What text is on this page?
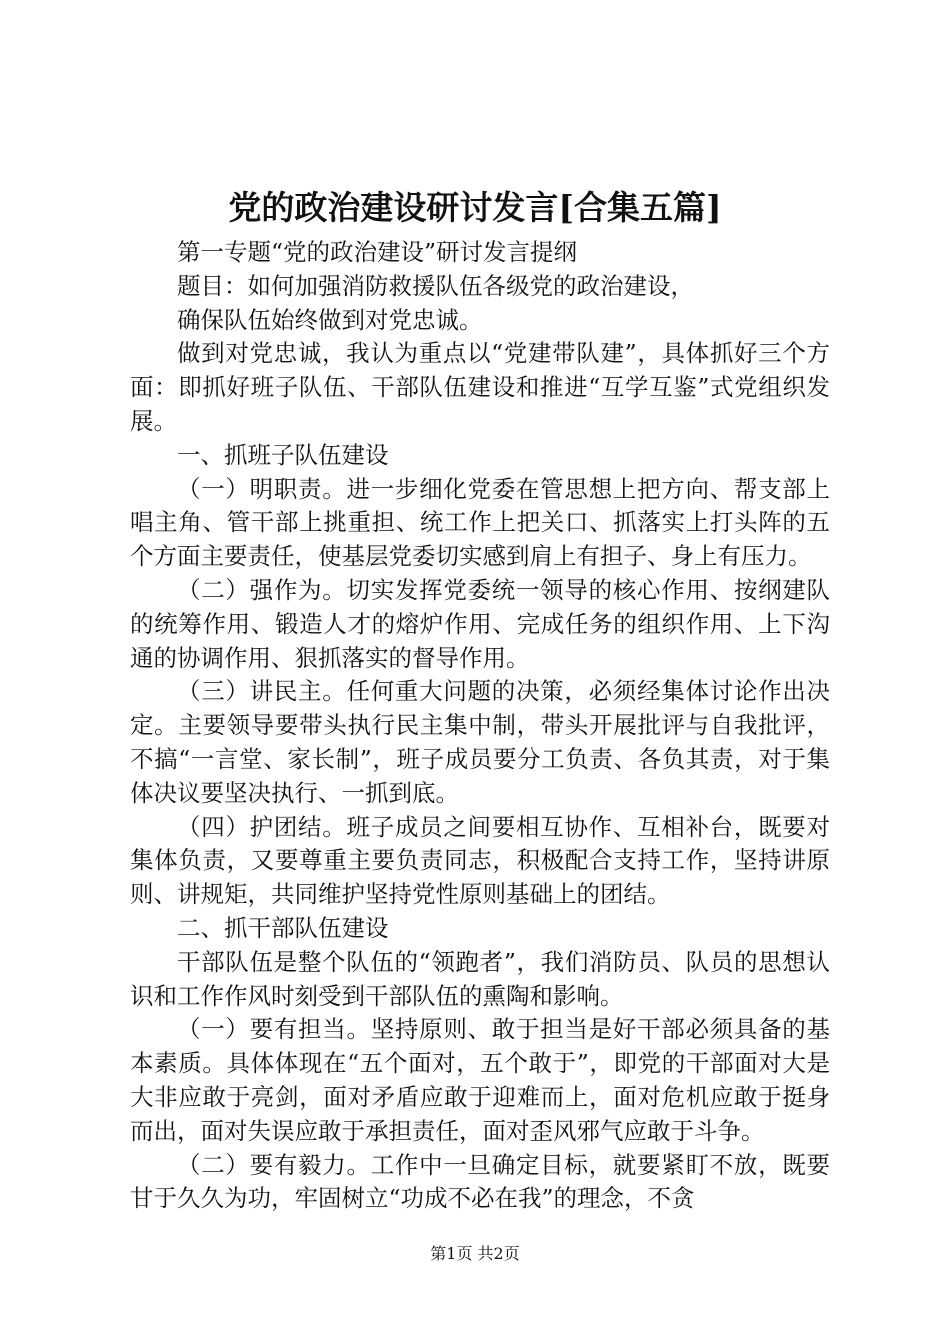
党的政治建设研讨发言[合集五篇]

第一专题“党的政治建设”研讨发言提纲

题目：如何加强消防救援队伍各级党的政治建设，

确保队伍始终做到对党忠诚。

做到对党忠诚，我认为重点以“党建带队建”，具体抓好三个方面：即抓好班子队伍、干部队伍建设和推进“互学互鉴”式党组织发展。

一、抓班子队伍建设

（一）明职责。进一步细化党委在管思想上把方向、帮支部上唱主角、管干部上挑重担、统工作上把关口、抓落实上打头阵的五个方面主要责任，使基层党委切实感到肩上有担子、身上有压力。

（二）强作为。切实发挥党委统一领导的核心作用、按纲建队的统筹作用、锻造人才的熔炉作用、完成任务的组织作用、上下沟通的协调作用、狠抓落实的督导作用。

（三）讲民主。任何重大问题的决策，必须经集体讨论作出决定。主要领导要带头执行民主集中制，带头开展批评与自我批评，不搞“一言堂、家长制”，班子成员要分工负责、各负其责，对于集体决议要坚决执行、一抓到底。

（四）护团结。班子成员之间要相互协作、互相补台，既要对集体负责，又要尊重主要负责同志，积极配合支持工作，坚持讲原则、讲规矩，共同维护坚持党性原则基础上的团结。

二、抓干部队伍建设

干部队伍是整个队伍的“领跑者”，我们消防员、队员的思想认识和工作作风时刻受到干部队伍的熏陶和影响。

（一）要有担当。坚持原则、敢于担当是好干部必须具备的基本素质。具体体现在“五个面对，五个敢于”，即党的干部面对大是大非应敢于亮剑，面对矛盾应敢于迎难而上，面对危机应敢于挺身而出，面对失误应敢于承担责任，面对歪风邪气应敢于斗争。

（二）要有毅力。工作中一旦确定目标，就要紧盯不放，既要甘于久久为功，牢固树立“功成不必在我”的理念，不贪

第1页 共2页
